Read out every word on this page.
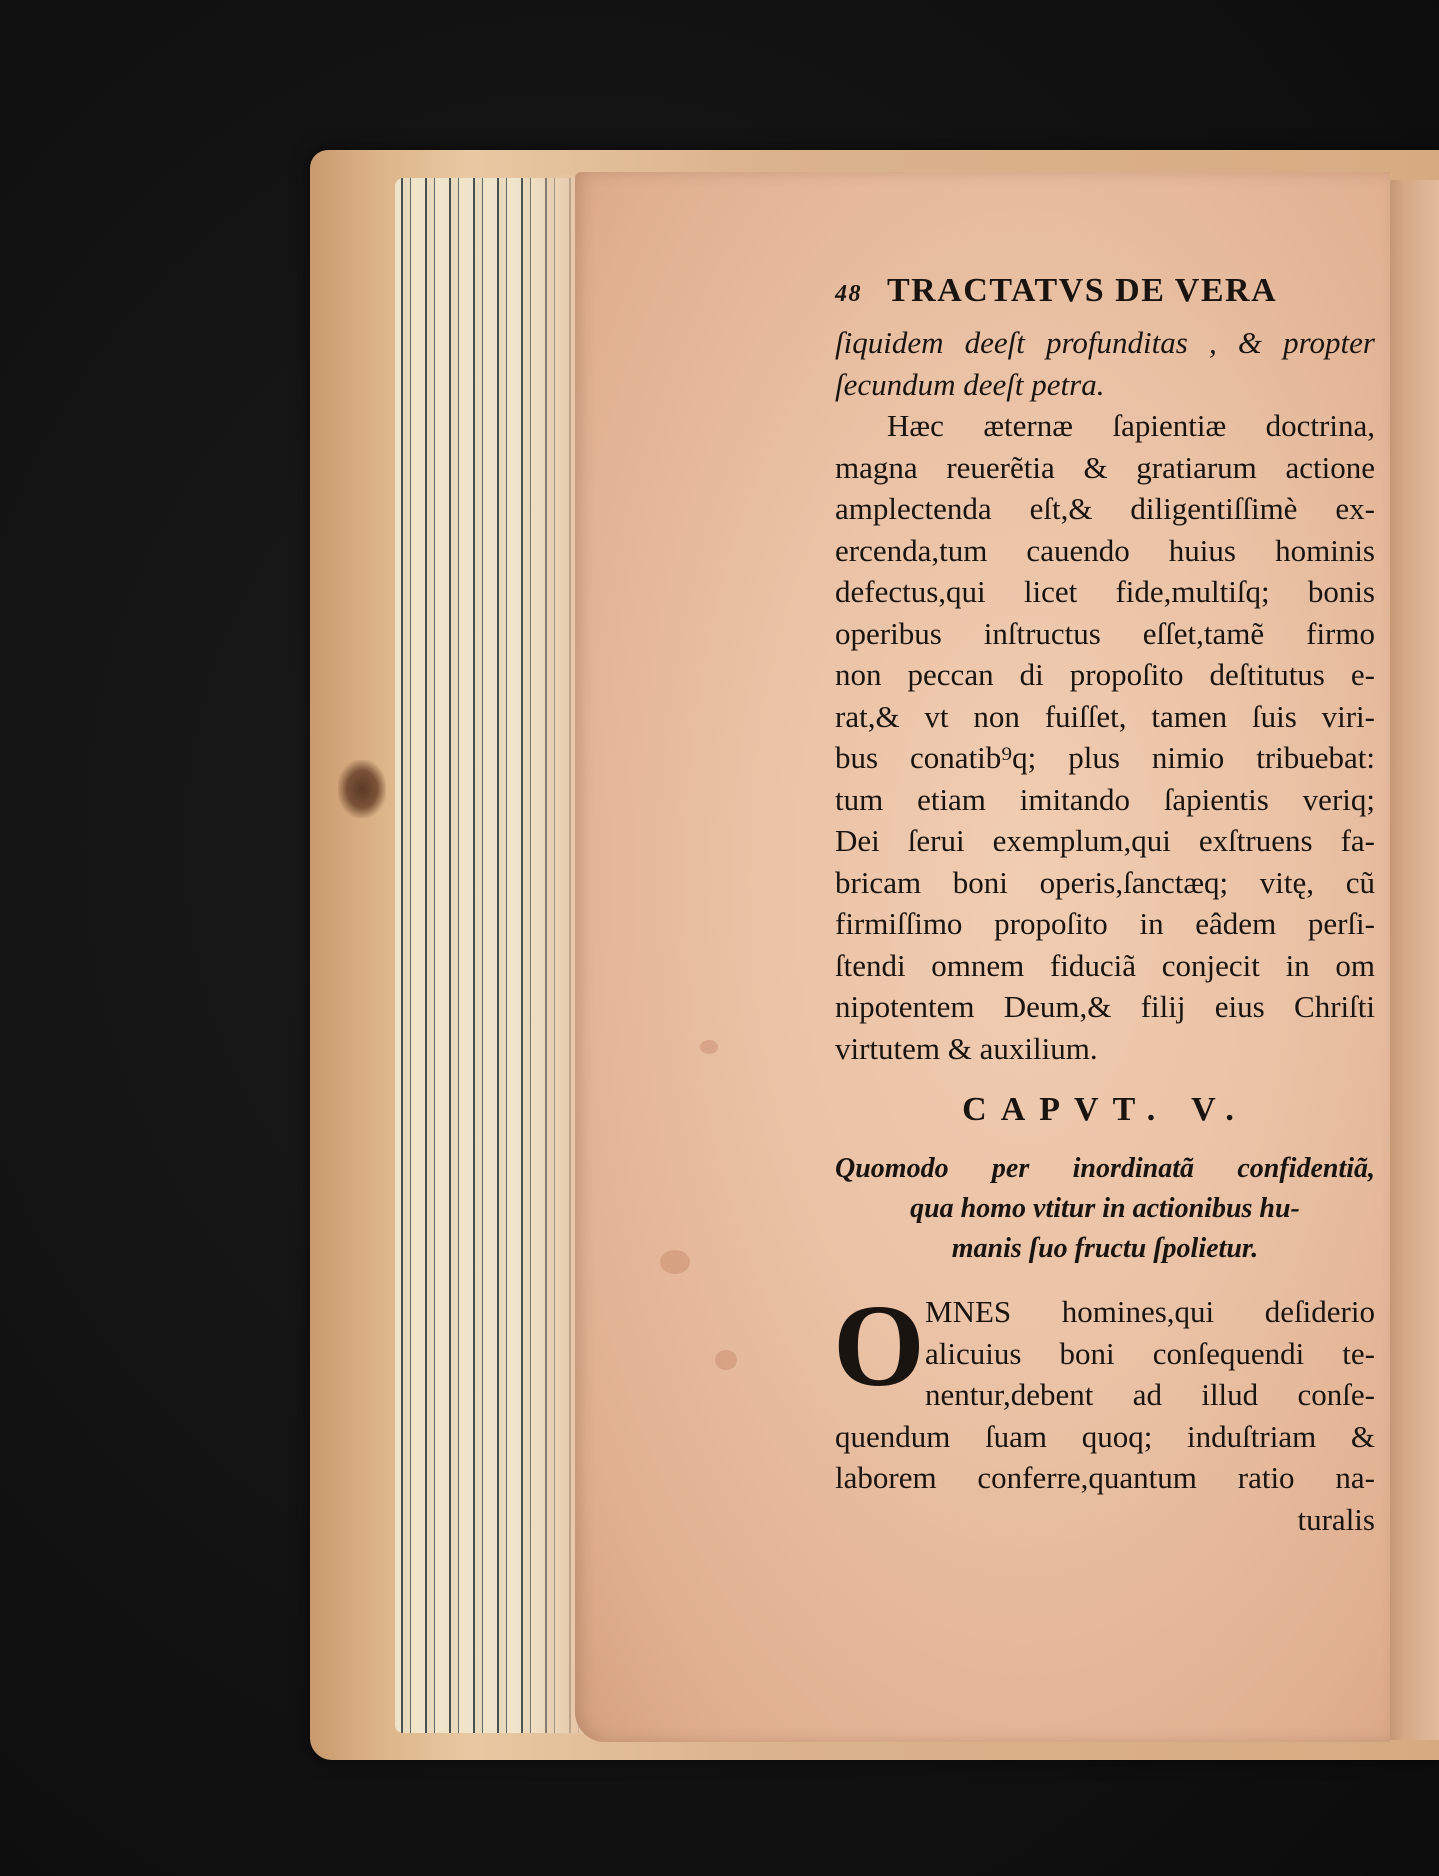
48 TRACTATVS DE VERA
ſiquidem deeſt profunditas , & propter
ſecundum deeſt petra.
Hæc æternæ ſapientiæ doctrina,
magna reuerẽtia & gratiarum actione
amplectenda eſt,& diligentiſſimè ex-
ercenda,tum cauendo huius hominis
defectus,qui licet fide,multiſq; bonis
operibus inſtructus eſſet,tamẽ firmo
non peccan di propoſito deſtitutus e-
rat,& vt non fuiſſet, tamen ſuis viri-
bus conatib⁹q; plus nimio tribuebat:
tum etiam imitando ſapientis veriq;
Dei ſerui exemplum,qui exſtruens fa-
bricam boni operis,ſanctæq; vitę, cũ
firmiſſimo propoſito in eâdem perſi-
ſtendi omnem fiduciã conjecit in om
nipotentem Deum,& filij eius Chriſti
virtutem & auxilium.
CAPVT. V.
Quomodo per inordinatã confidentiã,
qua homo vtitur in actionibus hu-
manis ſuo fructu ſpolietur.
O MNES homines,qui deſiderio
alicuius boni conſequendi te-
nentur,debent ad illud conſe-
quendum ſuam quoq; induſtriam &
laborem conferre,quantum ratio na-
turalis
